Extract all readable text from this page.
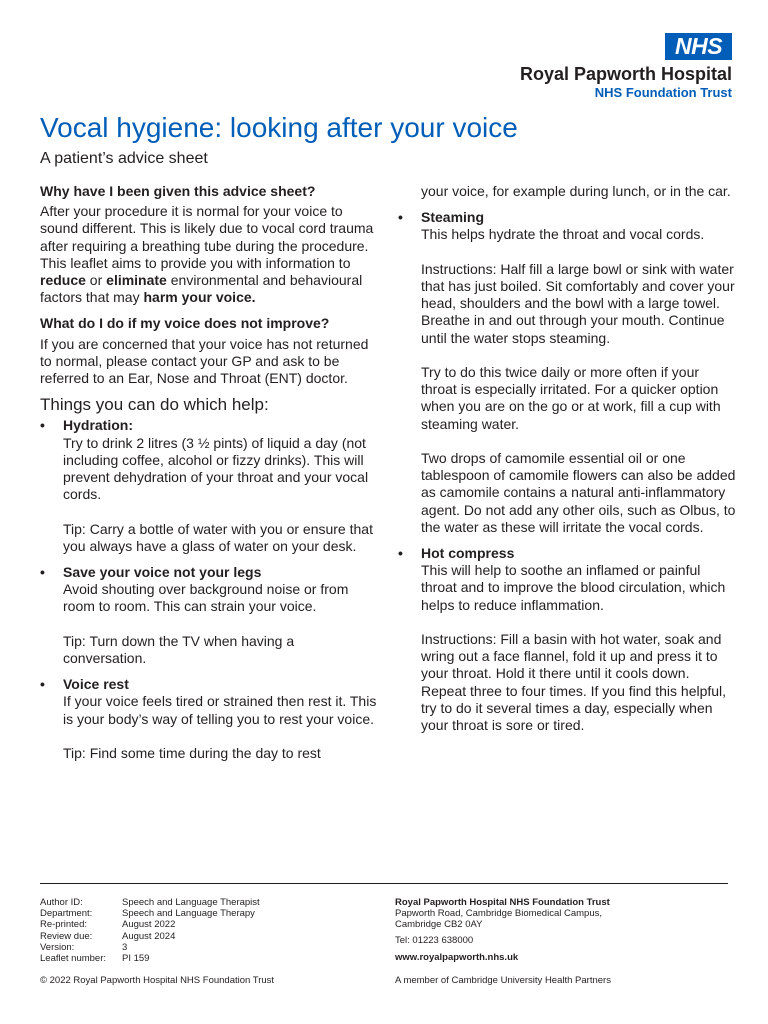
NHS
Royal Papworth Hospital
NHS Foundation Trust
Vocal hygiene: looking after your voice
A patient’s advice sheet
Why have I been given this advice sheet?

After your procedure it is normal for your voice to sound different. This is likely due to vocal cord trauma after requiring a breathing tube during the procedure. This leaflet aims to provide you with information to reduce or eliminate environmental and behavioural factors that may harm your voice.

What do I do if my voice does not improve?

If you are concerned that your voice has not returned to normal, please contact your GP and ask to be referred to an Ear, Nose and Throat (ENT) doctor.

Things you can do which help:
• Hydration:
Try to drink 2 litres (3 ½ pints) of liquid a day (not including coffee, alcohol or fizzy drinks). This will prevent dehydration of your throat and your vocal cords.
Tip: Carry a bottle of water with you or ensure that you always have a glass of water on your desk.
• Save your voice not your legs
Avoid shouting over background noise or from room to room. This can strain your voice.
Tip: Turn down the TV when having a conversation.
• Voice rest
If your voice feels tired or strained then rest it. This is your body’s way of telling you to rest your voice.
Tip: Find some time during the day to rest
your voice, for example during lunch, or in the car.
• Steaming
This helps hydrate the throat and vocal cords.
Instructions: Half fill a large bowl or sink with water that has just boiled. Sit comfortably and cover your head, shoulders and the bowl with a large towel. Breathe in and out through your mouth. Continue until the water stops steaming.
Try to do this twice daily or more often if your throat is especially irritated. For a quicker option when you are on the go or at work, fill a cup with steaming water.
Two drops of camomile essential oil or one tablespoon of camomile flowers can also be added as camomile contains a natural anti-inflammatory agent. Do not add any other oils, such as Olbus, to the water as these will irritate the vocal cords.
• Hot compress
This will help to soothe an inflamed or painful throat and to improve the blood circulation, which helps to reduce inflammation.
Instructions: Fill a basin with hot water, soak and wring out a face flannel, fold it up and press it to your throat. Hold it there until it cools down. Repeat three to four times. If you find this helpful, try to do it several times a day, especially when your throat is sore or tired.
Author ID:	Speech and Language Therapist
Department:	Speech and Language Therapy
Re-printed:	August 2022
Review due:	August 2024
Version:	3
Leaflet number:	PI 159
Royal Papworth Hospital NHS Foundation Trust
Papworth Road, Cambridge Biomedical Campus,
Cambridge CB2 0AY
Tel: 01223 638000
www.royalpapworth.nhs.uk
© 2022 Royal Papworth Hospital NHS Foundation Trust	A member of Cambridge University Health Partners
